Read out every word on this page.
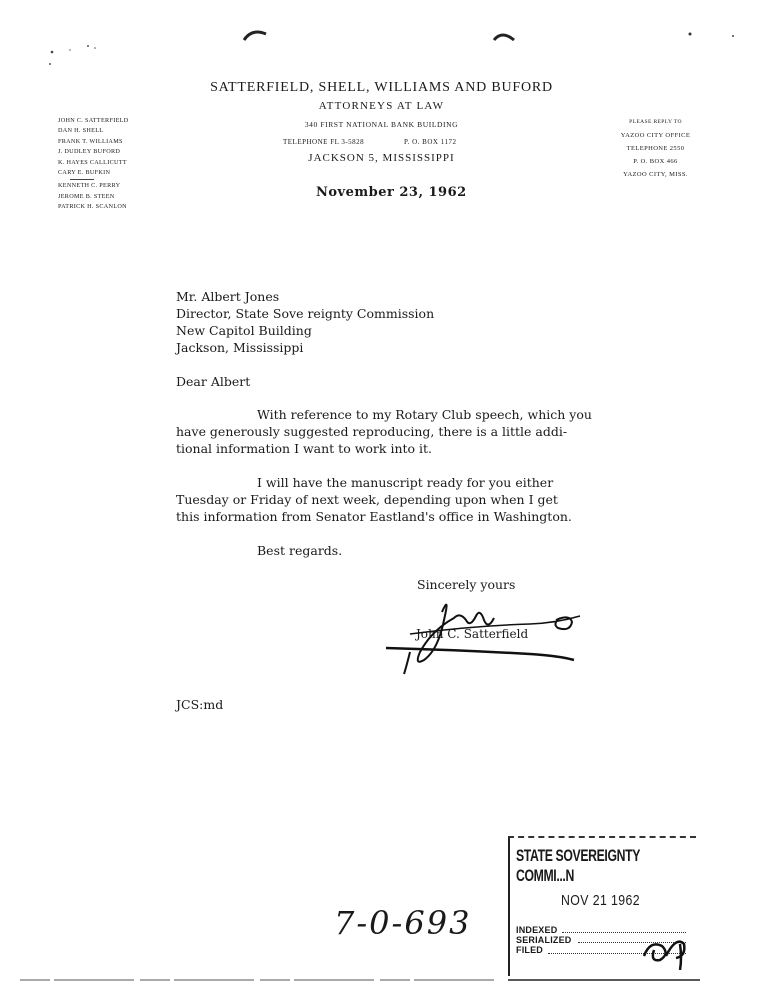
SATTERFIELD, SHELL, WILLIAMS AND BUFORD
ATTORNEYS AT LAW
340 FIRST NATIONAL BANK BUILDING
TELEPHONE FL 3-5828	P. O. BOX 1172
JACKSON 5, MISSISSIPPI
JOHN C. SATTERFIELD
DAN H. SHELL
FRANK T. WILLIAMS
J. DUDLEY BUFORD
K. HAYES CALLICUTT
CARY E. BUFKIN
KENNETH C. PERRY
JEROME B. STEEN
PATRICK H. SCANLON
PLEASE REPLY TO
YAZOO CITY OFFICE
TELEPHONE 2550
P. O. BOX 466
YAZOO CITY, MISS.
November 23, 1962
Mr. Albert Jones
Director, State Sove reignty Commission
New Capitol Building
Jackson, Mississippi
Dear Albert
With reference to my Rotary Club speech, which you
have generously suggested reproducing, there is a little addi-
tional information I want to work into it.
I will have the manuscript ready for you either
Tuesday or Friday of next week, depending upon when I get
this information from Senator Eastland's office in Washington.
Best regards.
Sincerely yours
John C. Satterfield
JCS:md
7-0-693
STATE SOVEREIGNTY COMMI...N
NOV 21 1962
INDEXED
SERIALIZED
FILED
